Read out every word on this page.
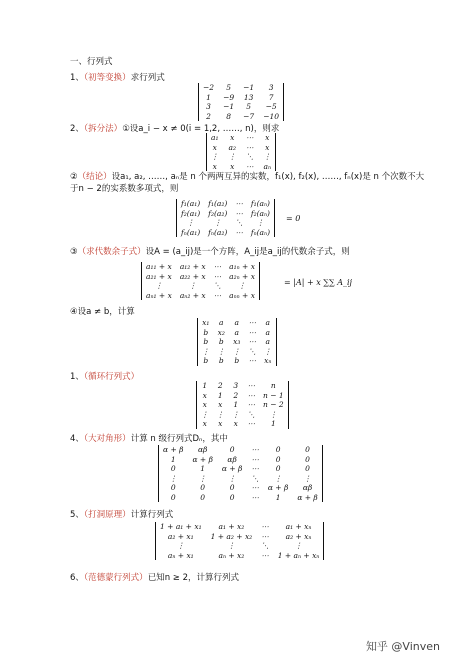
一、行列式
1、（初等变换）求行列式
−2	5	−1	3
1	−9 13	7
3	−1	5	−5
2	8	−7 −10
2、（拆分法）①设a_i − x ≠ 0(i = 1,2, ……, n)，则求
a₁ x ⋯ x
x a₂ ⋯ x
⋮ ⋮ ⋱ ⋮
x x ⋯ aₙ
②（结论）设a₁, a₂, ……, aₙ是 n 个两两互异的实数，f₁(x), f₂(x), ……, fₙ(x)是 n 个次数不大
于n − 2的实系数多项式，则
f₁(a₁) f₁(a₂) ⋯ f₁(aₙ)
f₂(a₁) f₂(a₂) ⋯ f₂(aₙ)
⋮	⋮	⋱	⋮
fₙ(a₁) fₙ(a₂) ⋯ fₙ(aₙ)
= 0
③（求代数余子式）设A = (a_ij)是一个方阵，A_ij是a_ij的代数余子式，则
a₁₁ + x a₁₂ + x ⋯ a₁ₙ + x
a₂₁ + x a₂₂ + x ⋯ a₂ₙ + x
⋮	⋮	⋱	⋮
aₙ₁ + x aₙ₂ + x ⋯ aₙₙ + x
= |A| + x ∑∑ A_ij
④设a ≠ b，计算
x₁ a a ⋯ a
b x₂ a ⋯ a
b b x₃ ⋯ a
⋮ ⋮ ⋮ ⋱ ⋮
b b b ⋯ xₙ
1、（循环行列式）
1 2 3 ⋯	n
x 1 2 ⋯ n − 1
x x 1 ⋯ n − 2
⋮ ⋮ ⋮ ⋱	⋮
x x x ⋯	1
4、（大对角形）计算 n 级行列式Dₙ，其中
α + β	αβ	0	⋯	0	0
1	α + β	αβ	⋯	0	0
0	1	α + β ⋯	0	0
⋮	⋮	⋮	⋱	⋮	⋮
0	0	0	⋯ α + β	αβ
0	0	0	⋯	1	α + β
5、（打洞原理）计算行列式
1 + a₁ + x₁	a₁ + x₂	⋯	a₁ + xₙ
a₂ + x₁	1 + a₂ + x₂ ⋯	a₂ + xₙ
⋮	⋮	⋱	⋮
aₙ + x₁	aₙ + x₂	⋯ 1 + aₙ + xₙ
6、（范德蒙行列式）已知n ≥ 2，计算行列式
知乎 @Vinven
